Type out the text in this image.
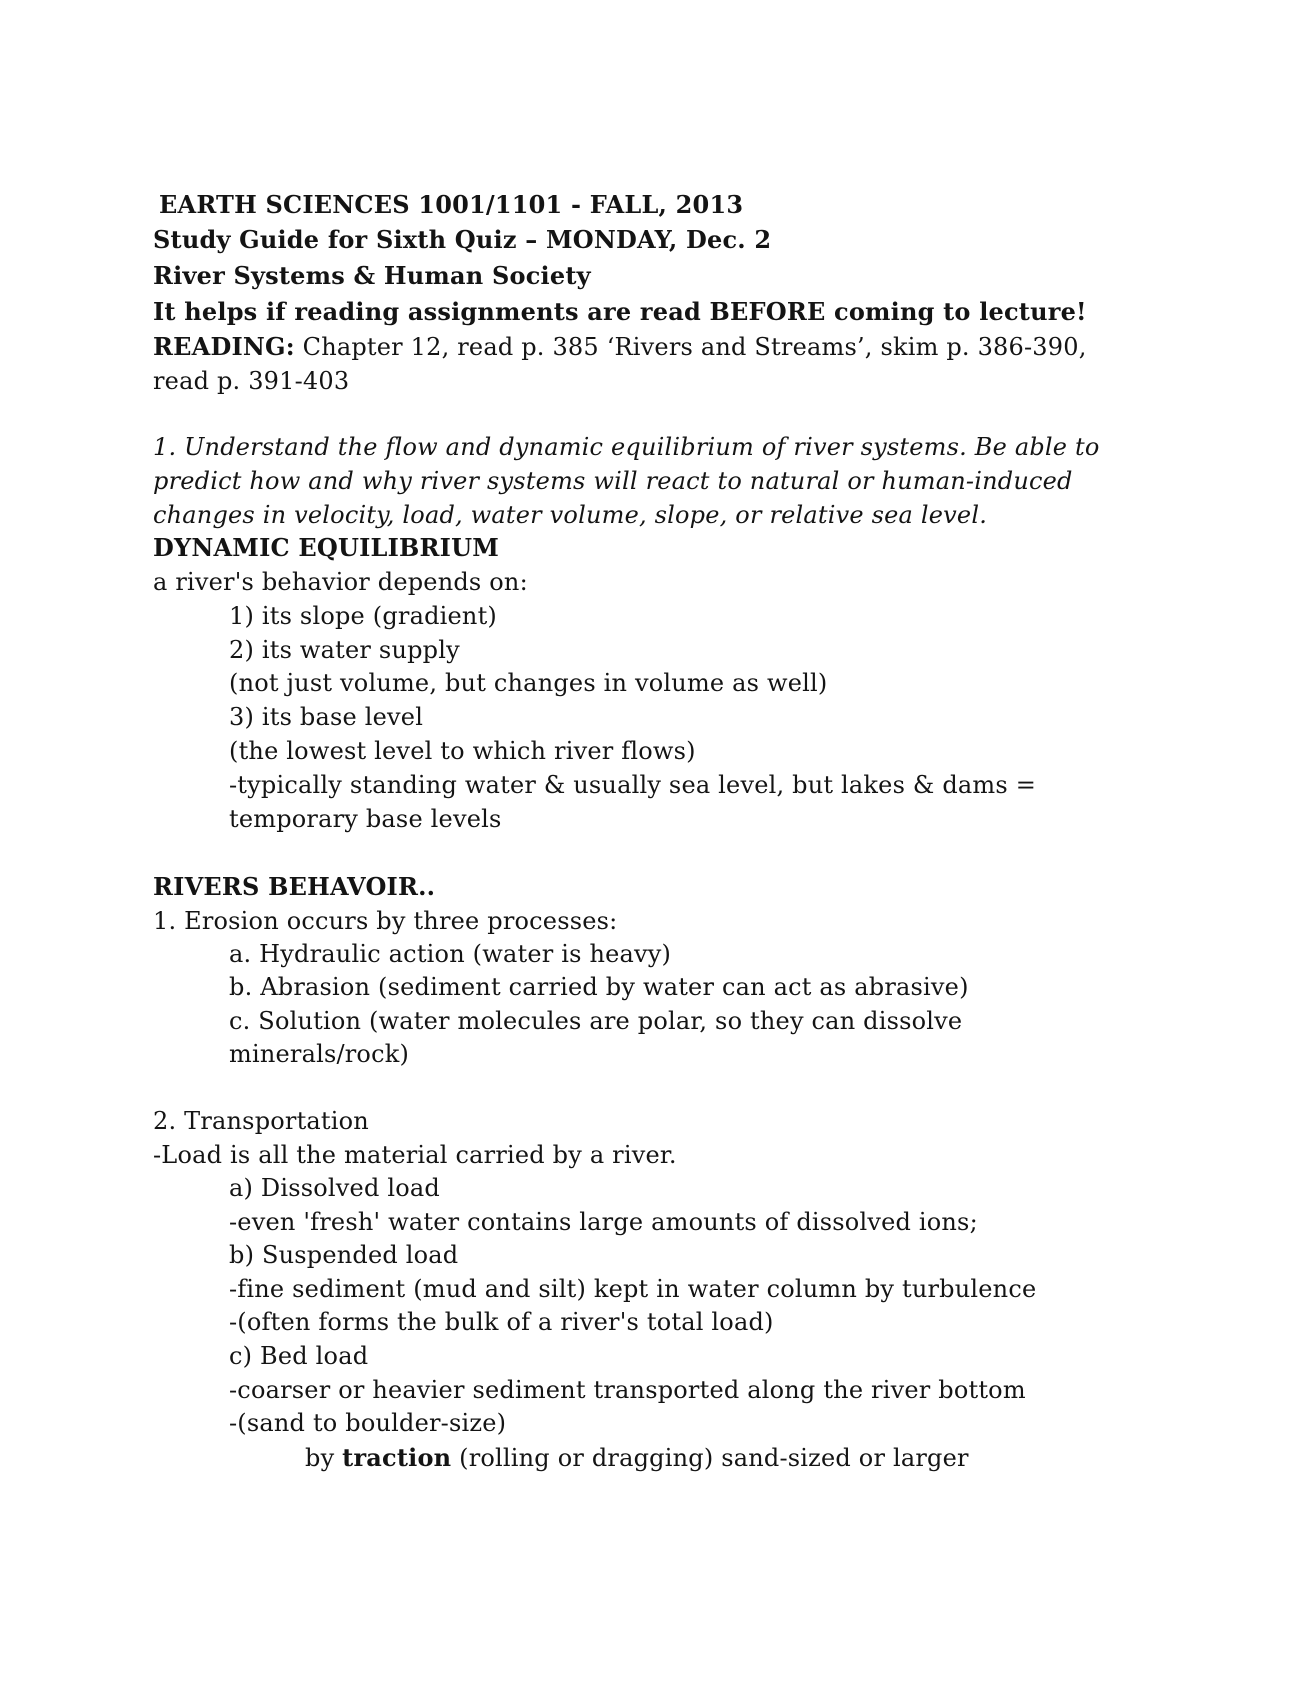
EARTH SCIENCES 1001/1101 - FALL, 2013
Study Guide for Sixth Quiz – MONDAY, Dec. 2
River Systems & Human Society
It helps if reading assignments are read BEFORE coming to lecture!
READING: Chapter 12, read p. 385 ‘Rivers and Streams’, skim p. 386-390,
read p. 391-403
1. Understand the flow and dynamic equilibrium of river systems. Be able to
predict how and why river systems will react to natural or human-induced
changes in velocity, load, water volume, slope, or relative sea level.
DYNAMIC EQUILIBRIUM
a river's behavior depends on:
1) its slope (gradient)
2) its water supply
(not just volume, but changes in volume as well)
3) its base level
(the lowest level to which river flows)
-typically standing water & usually sea level, but lakes & dams =
temporary base levels
RIVERS BEHAVOIR..
1. Erosion occurs by three processes:
a. Hydraulic action (water is heavy)
b. Abrasion (sediment carried by water can act as abrasive)
c. Solution (water molecules are polar, so they can dissolve
minerals/rock)
2. Transportation
-Load is all the material carried by a river.
a) Dissolved load
-even 'fresh' water contains large amounts of dissolved ions;
b) Suspended load
-fine sediment (mud and silt) kept in water column by turbulence
-(often forms the bulk of a river's total load)
c) Bed load
-coarser or heavier sediment transported along the river bottom
-(sand to boulder-size)
by traction (rolling or dragging) sand-sized or larger
